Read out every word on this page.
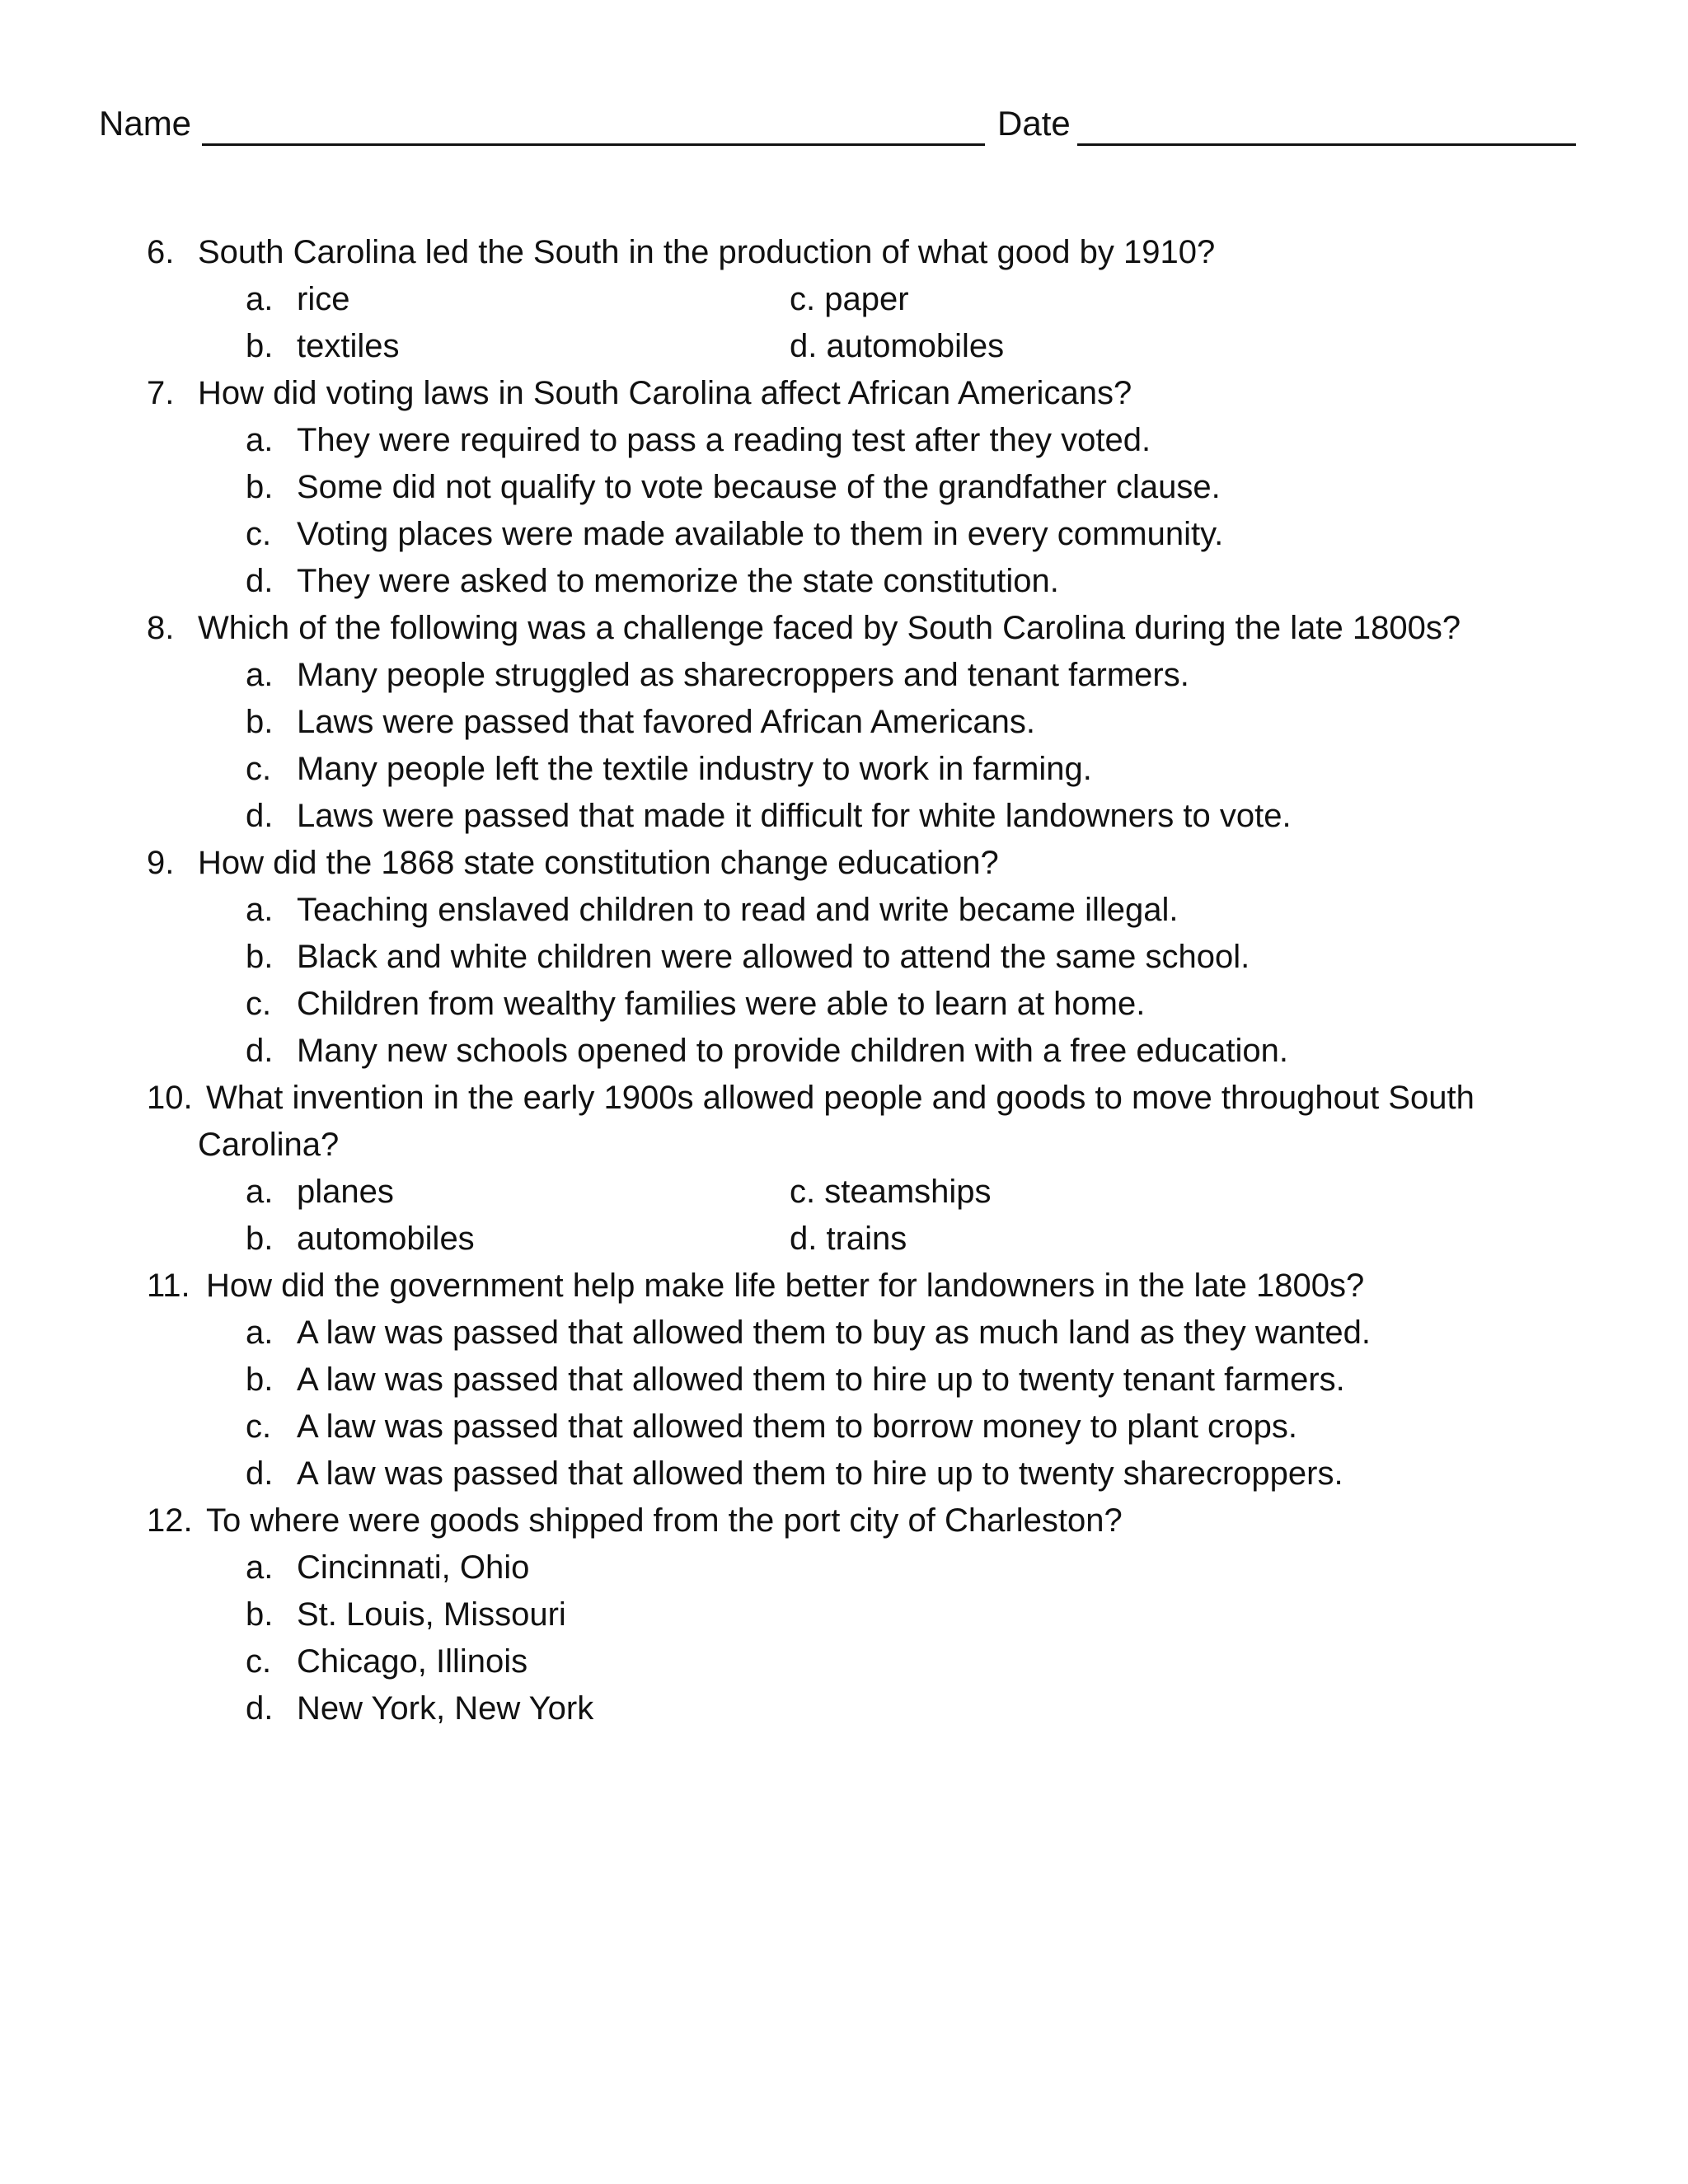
Name	Date
6. South Carolina led the South in the production of what good by 1910?
a. rice	c. paper
b. textiles	d. automobiles
7. How did voting laws in South Carolina affect African Americans?
a. They were required to pass a reading test after they voted.
b. Some did not qualify to vote because of the grandfather clause.
c. Voting places were made available to them in every community.
d. They were asked to memorize the state constitution.
8. Which of the following was a challenge faced by South Carolina during the late 1800s?
a. Many people struggled as sharecroppers and tenant farmers.
b. Laws were passed that favored African Americans.
c. Many people left the textile industry to work in farming.
d. Laws were passed that made it difficult for white landowners to vote.
9. How did the 1868 state constitution change education?
a. Teaching enslaved children to read and write became illegal.
b. Black and white children were allowed to attend the same school.
c. Children from wealthy families were able to learn at home.
d. Many new schools opened to provide children with a free education.
10. What invention in the early 1900s allowed people and goods to move throughout South
Carolina?
a. planes	c. steamships
b. automobiles	d. trains
11. How did the government help make life better for landowners in the late 1800s?
a. A law was passed that allowed them to buy as much land as they wanted.
b. A law was passed that allowed them to hire up to twenty tenant farmers.
c. A law was passed that allowed them to borrow money to plant crops.
d. A law was passed that allowed them to hire up to twenty sharecroppers.
12. To where were goods shipped from the port city of Charleston?
a. Cincinnati, Ohio
b. St. Louis, Missouri
c. Chicago, Illinois
d. New York, New York
